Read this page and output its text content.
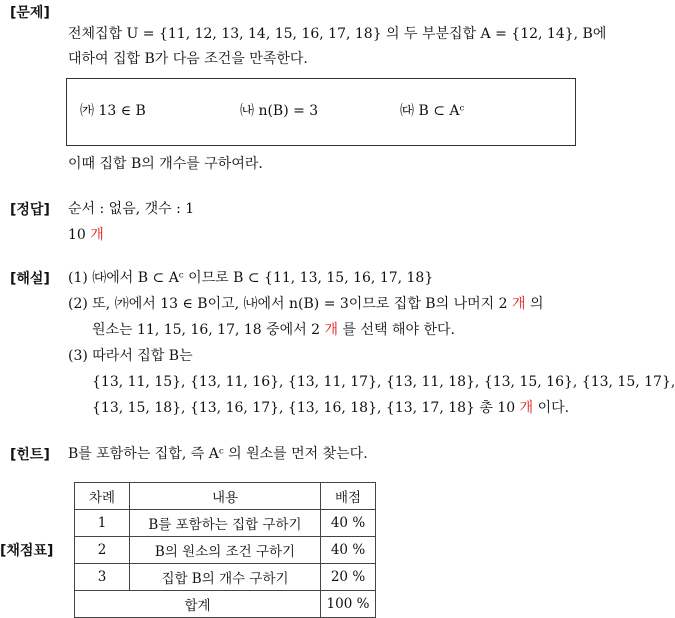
[문제]
전체집합 U = {11, 12, 13, 14, 15, 16, 17, 18} 의 두 부분집합 A = {12, 14}, B에
대하여 집합 B가 다음 조건을 만족한다.
㈎ 13 ∈ B	㈏ n(B) = 3	㈐ B ⊂ Aᶜ
이때 집합 B의 개수를 구하여라.
[정답] 순서 : 없음, 갯수 : 1
10 개
[해설] (1) ㈐에서 B ⊂ Aᶜ 이므로 B ⊂ {11, 13, 15, 16, 17, 18}
(2) 또, ㈎에서 13 ∈ B이고, ㈏에서 n(B) = 3이므로 집합 B의 나머지 2 개 의
원소는 11, 15, 16, 17, 18 중에서 2 개 를 선택 해야 한다.
(3) 따라서 집합 B는
{13, 11, 15}, {13, 11, 16}, {13, 11, 17}, {13, 11, 18}, {13, 15, 16}, {13, 15, 17},
{13, 15, 18}, {13, 16, 17}, {13, 16, 18}, {13, 17, 18} 총 10 개 이다.
[힌트] B를 포함하는 집합, 즉 Aᶜ 의 원소를 먼저 찾는다.
[채점표]
차례	내용	배점
1	B를 포함하는 집합 구하기	40 %
2	B의 원소의 조건 구하기	40 %
3	집합 B의 개수 구하기	20 %
합계		100 %
